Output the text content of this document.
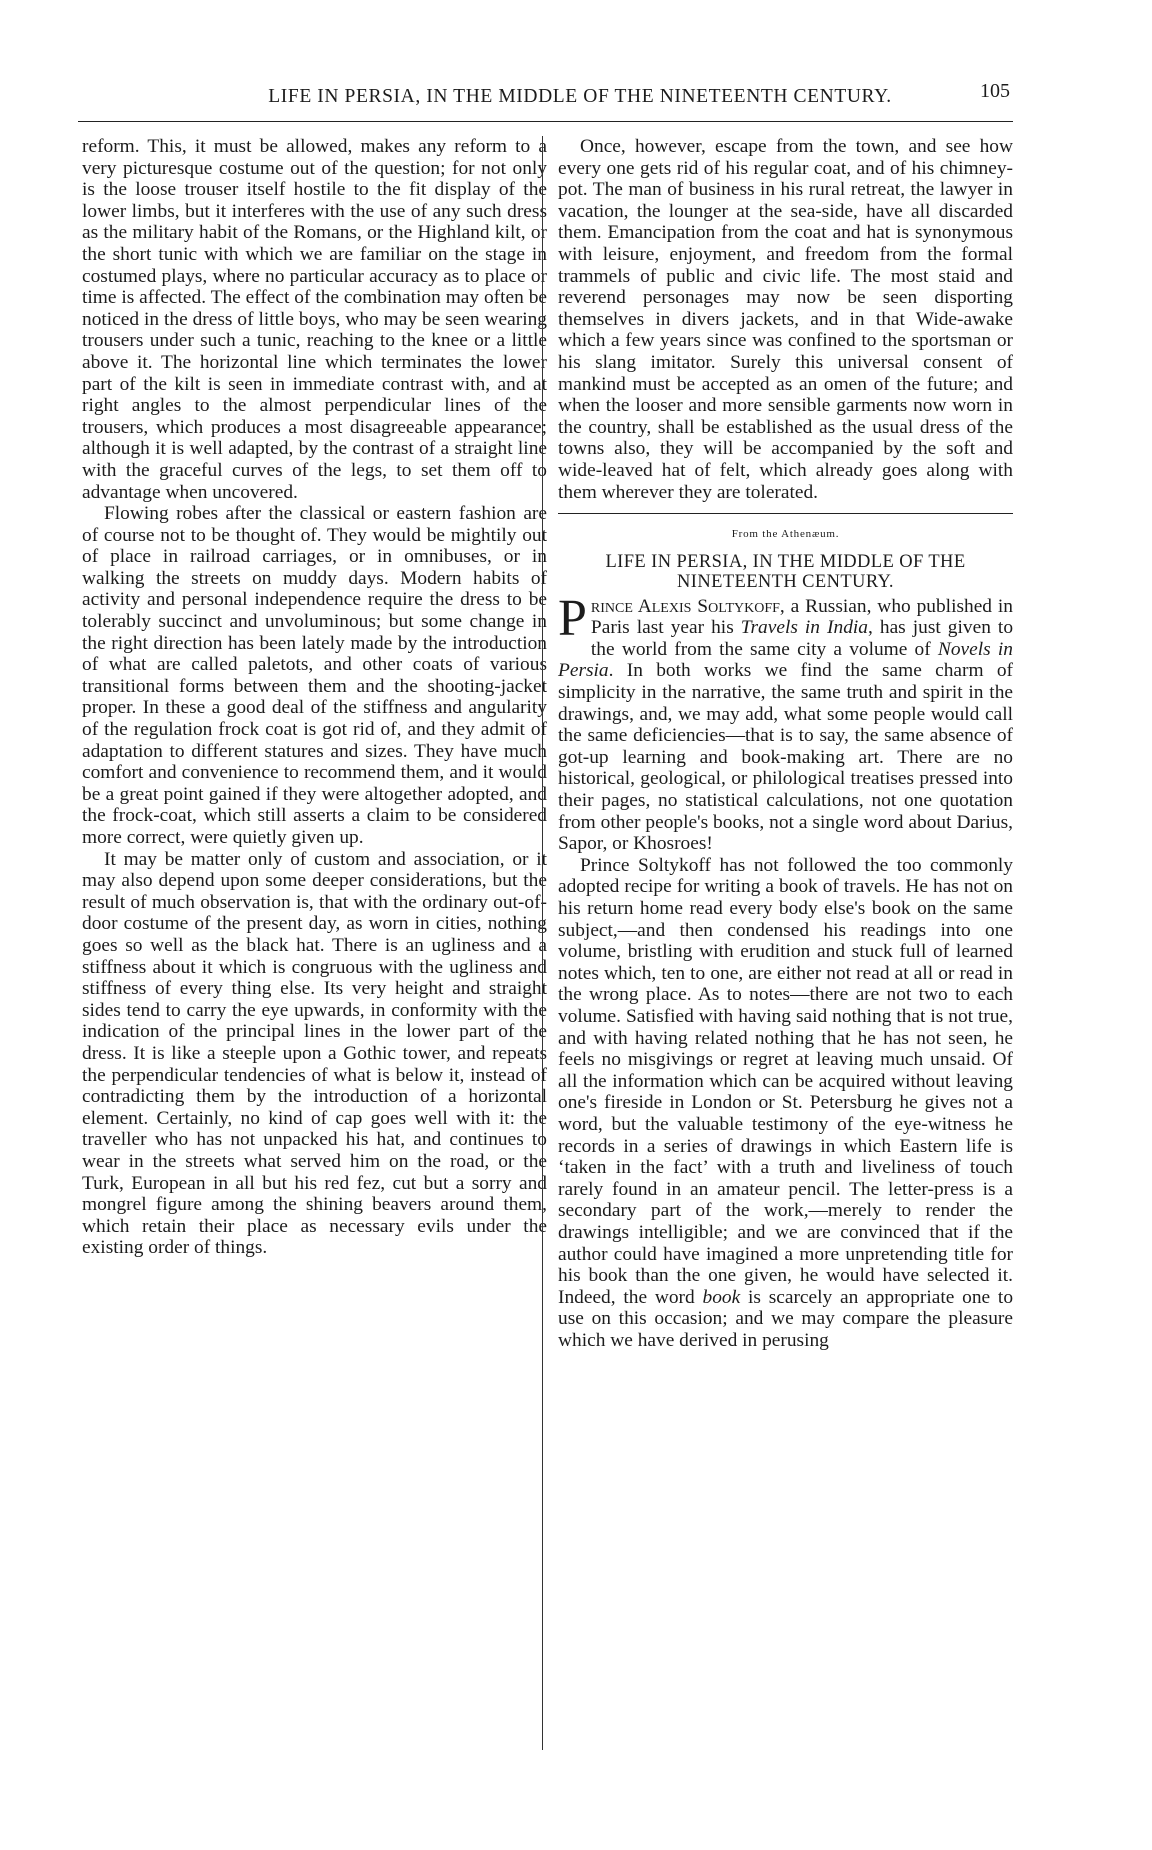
LIFE IN PERSIA, IN THE MIDDLE OF THE NINETEENTH CENTURY.	105

reform. This, it must be allowed, makes any reform to a very picturesque costume out of the question; for not only is the loose trouser itself hostile to the fit display of the lower limbs, but it interferes with the use of any such dress as the military habit of the Romans, or the Highland kilt, or the short tunic with which we are familiar on the stage in costumed plays, where no particular accuracy as to place or time is affected. The effect of the combination may often be noticed in the dress of little boys, who may be seen wearing trousers under such a tunic, reaching to the knee or a little above it. The horizontal line which terminates the lower part of the kilt is seen in immediate contrast with, and at right angles to the almost perpendicular lines of the trousers, which produces a most disagreeable appearance; although it is well adapted, by the contrast of a straight line with the graceful curves of the legs, to set them off to advantage when uncovered.

Flowing robes after the classical or eastern fashion are of course not to be thought of. They would be mightily out of place in railroad carriages, or in omnibuses, or in walking the streets on muddy days. Modern habits of activity and personal independence require the dress to be tolerably succinct and unvoluminous; but some change in the right direction has been lately made by the introduction of what are called paletots, and other coats of various transitional forms between them and the shooting-jacket proper. In these a good deal of the stiffness and angularity of the regulation frock coat is got rid of, and they admit of adaptation to different statures and sizes. They have much comfort and convenience to recommend them, and it would be a great point gained if they were altogether adopted, and the frock-coat, which still asserts a claim to be considered more correct, were quietly given up.

It may be matter only of custom and association, or it may also depend upon some deeper considerations, but the result of much observation is, that with the ordinary out-of-door costume of the present day, as worn in cities, nothing goes so well as the black hat. There is an ugliness and a stiffness about it which is congruous with the ugliness and stiffness of every thing else. Its very height and straight sides tend to carry the eye upwards, in conformity with the indication of the principal lines in the lower part of the dress. It is like a steeple upon a Gothic tower, and repeats the perpendicular tendencies of what is below it, instead of contradicting them by the introduction of a horizontal element. Certainly, no kind of cap goes well with it: the traveller who has not unpacked his hat, and continues to wear in the streets what served him on the road, or the Turk, European in all but his red fez, cut but a sorry and mongrel figure among the shining beavers around them, which retain their place as necessary evils under the existing order of things.

Once, however, escape from the town, and see how every one gets rid of his regular coat, and of his chimney-pot. The man of business in his rural retreat, the lawyer in vacation, the lounger at the sea-side, have all discarded them. Emancipation from the coat and hat is synonymous with leisure, enjoyment, and freedom from the formal trammels of public and civic life. The most staid and reverend personages may now be seen disporting themselves in divers jackets, and in that Wide-awake which a few years since was confined to the sportsman or his slang imitator. Surely this universal consent of mankind must be accepted as an omen of the future; and when the looser and more sensible garments now worn in the country, shall be established as the usual dress of the towns also, they will be accompanied by the soft and wide-leaved hat of felt, which already goes along with them wherever they are tolerated.

From the Athenæum.
LIFE IN PERSIA, IN THE MIDDLE OF THE NINETEENTH CENTURY.

Prince Alexis Soltykoff, a Russian, who published in Paris last year his Travels in India, has just given to the world from the same city a volume of Novels in Persia. In both works we find the same charm of simplicity in the narrative, the same truth and spirit in the drawings, and, we may add, what some people would call the same deficiencies—that is to say, the same absence of got-up learning and book-making art. There are no historical, geological, or philological treatises pressed into their pages, no statistical calculations, not one quotation from other people's books, not a single word about Darius, Sapor, or Khosroes!

Prince Soltykoff has not followed the too commonly adopted recipe for writing a book of travels. He has not on his return home read every body else's book on the same subject,—and then condensed his readings into one volume, bristling with erudition and stuck full of learned notes which, ten to one, are either not read at all or read in the wrong place. As to notes—there are not two to each volume. Satisfied with having said nothing that is not true, and with having related nothing that he has not seen, he feels no misgivings or regret at leaving much unsaid. Of all the information which can be acquired without leaving one's fireside in London or St. Petersburg he gives not a word, but the valuable testimony of the eye-witness he records in a series of drawings in which Eastern life is ‘taken in the fact’ with a truth and liveliness of touch rarely found in an amateur pencil. The letter-press is a secondary part of the work,—merely to render the drawings intelligible; and we are convinced that if the author could have imagined a more unpretending title for his book than the one given, he would have selected it. Indeed, the word book is scarcely an appropriate one to use on this occasion; and we may compare the pleasure which we have derived in perusing
